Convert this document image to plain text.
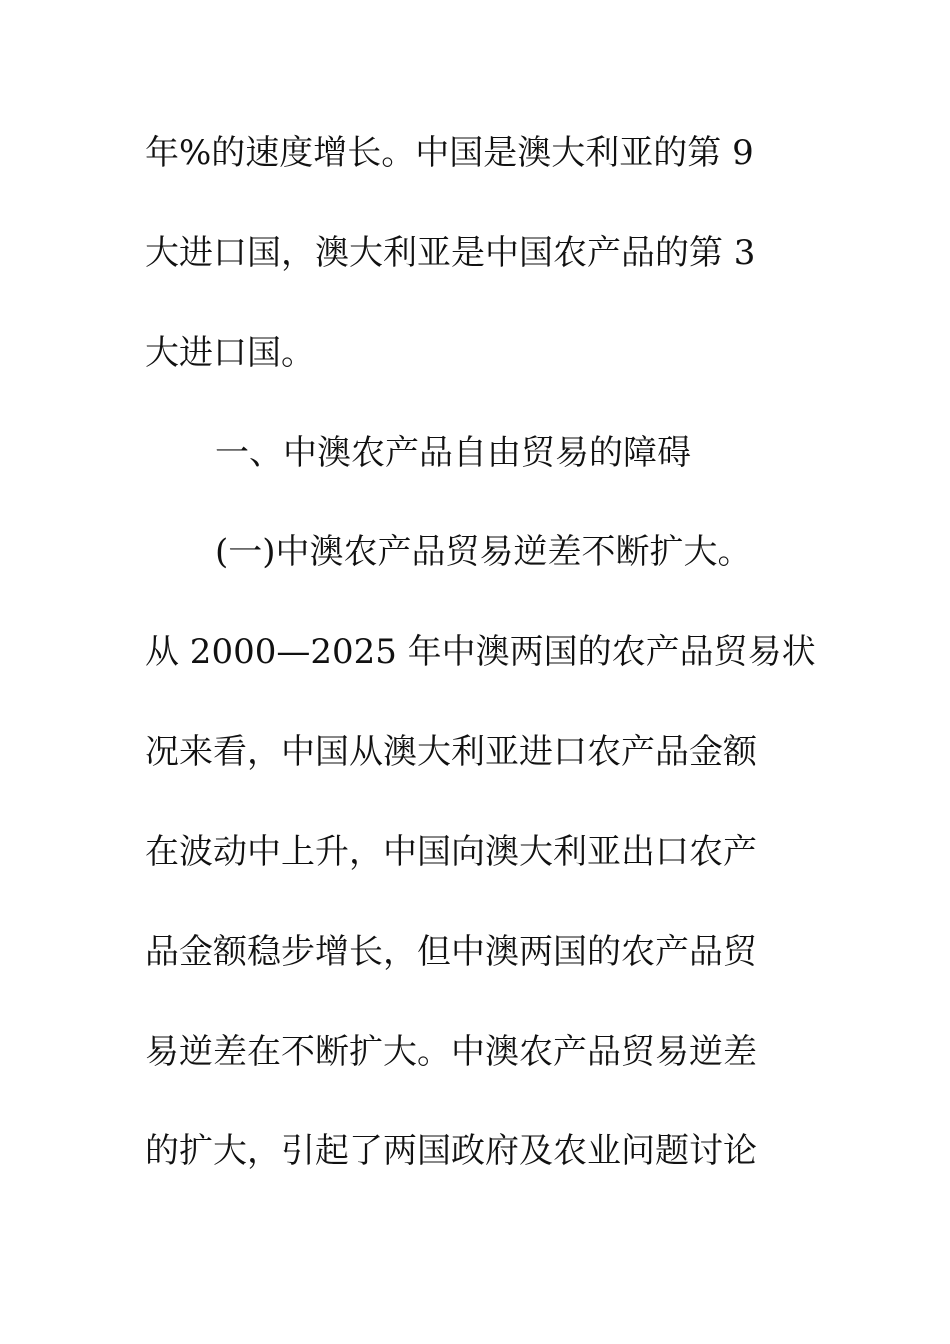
年%的速度增长。中国是澳大利亚的第 9
大进口国，澳大利亚是中国农产品的第 3
大进口国。
一、中澳农产品自由贸易的障碍
(一)中澳农产品贸易逆差不断扩大。
从 2000—2025 年中澳两国的农产品贸易状
况来看，中国从澳大利亚进口农产品金额
在波动中上升，中国向澳大利亚出口农产
品金额稳步增长，但中澳两国的农产品贸
易逆差在不断扩大。中澳农产品贸易逆差
的扩大，引起了两国政府及农业问题讨论
